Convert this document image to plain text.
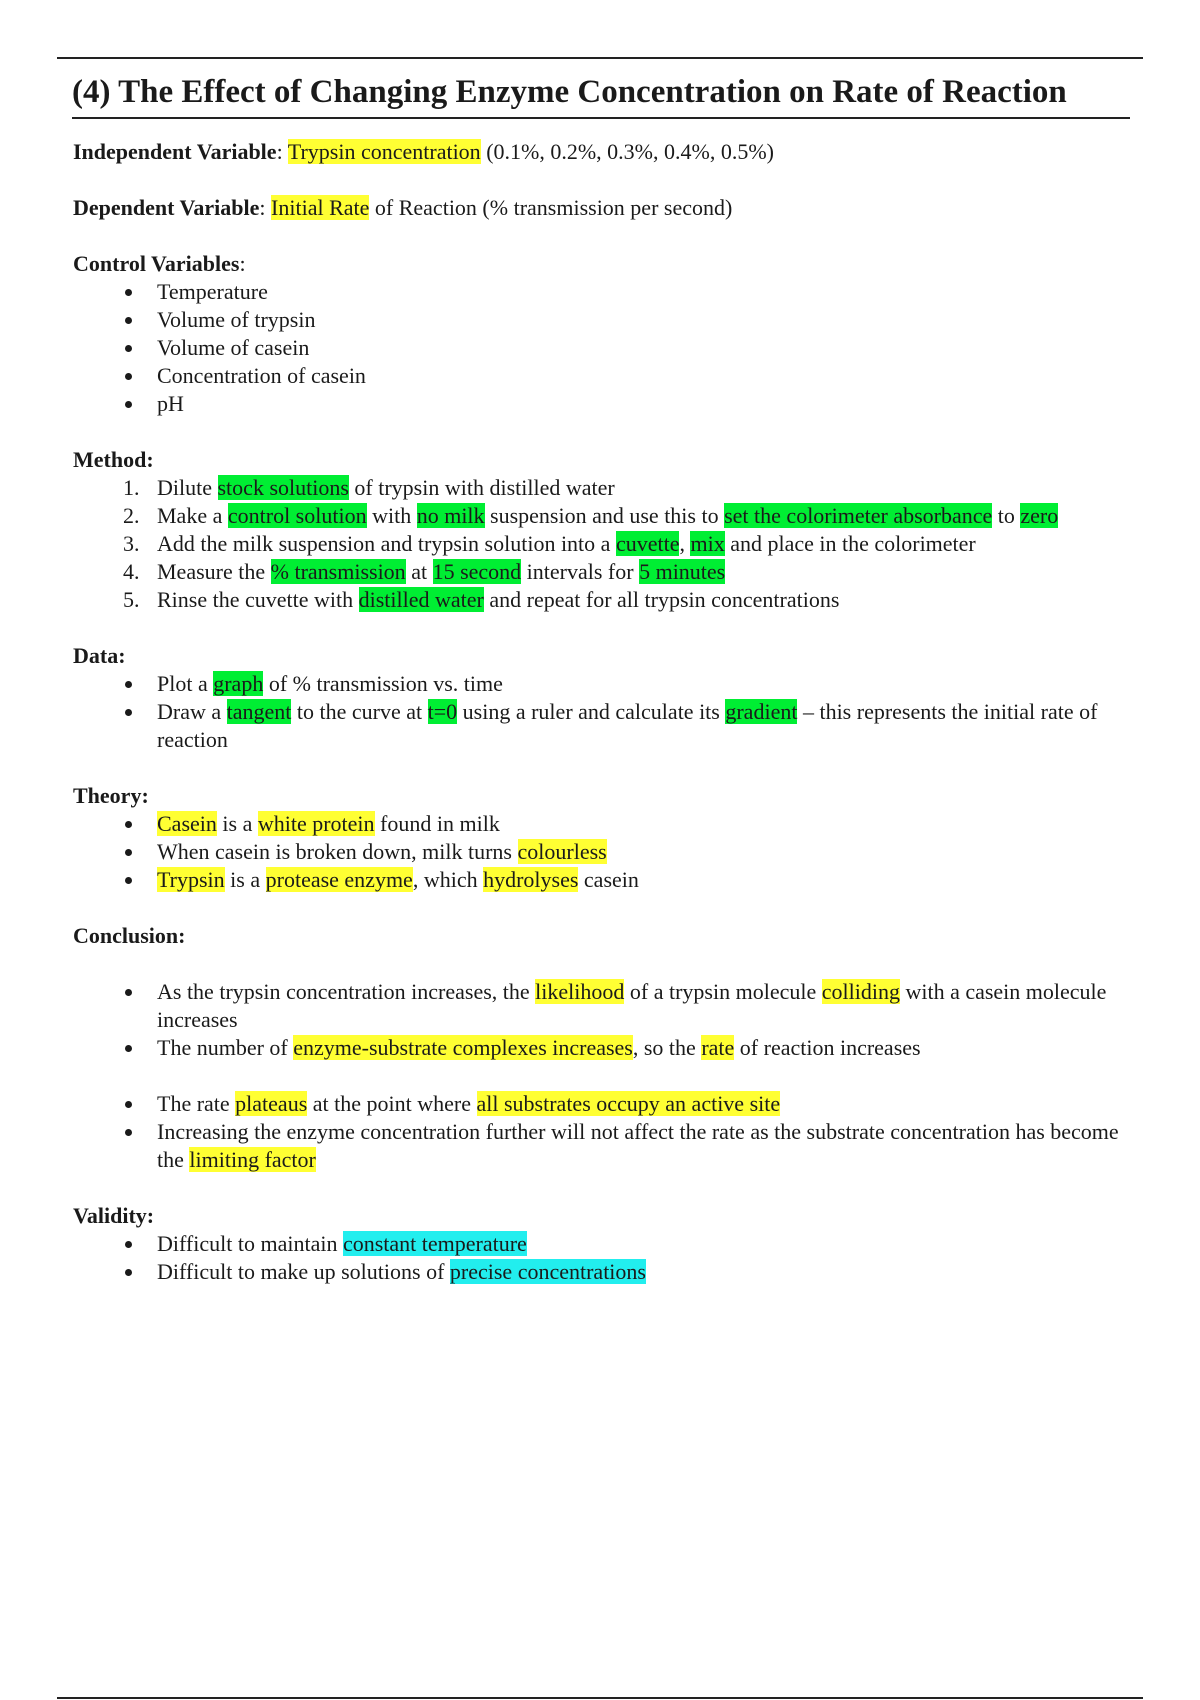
(4) The Effect of Changing Enzyme Concentration on Rate of Reaction

Independent Variable: Trypsin concentration (0.1%, 0.2%, 0.3%, 0.4%, 0.5%)

Dependent Variable: Initial Rate of Reaction (% transmission per second)

Control Variables:

• Temperature
• Volume of trypsin
• Volume of casein
• Concentration of casein
• pH

Method:

1. Dilute stock solutions of trypsin with distilled water
2. Make a control solution with no milk suspension and use this to set the colorimeter absorbance to zero
3. Add the milk suspension and trypsin solution into a cuvette, mix and place in the colorimeter
4. Measure the % transmission at 15 second intervals for 5 minutes
5. Rinse the cuvette with distilled water and repeat for all trypsin concentrations

Data:

• Plot a graph of % transmission vs. time
• Draw a tangent to the curve at t=0 using a ruler and calculate its gradient – this represents the initial rate of reaction

Theory:

• Casein is a white protein found in milk
• When casein is broken down, milk turns colourless
• Trypsin is a protease enzyme, which hydrolyses casein

Conclusion:

• As the trypsin concentration increases, the likelihood of a trypsin molecule colliding with a casein molecule increases
• The number of enzyme-substrate complexes increases, so the rate of reaction increases
• The rate plateaus at the point where all substrates occupy an active site
• Increasing the enzyme concentration further will not affect the rate as the substrate concentration has become the limiting factor

Validity:

• Difficult to maintain constant temperature
• Difficult to make up solutions of precise concentrations
